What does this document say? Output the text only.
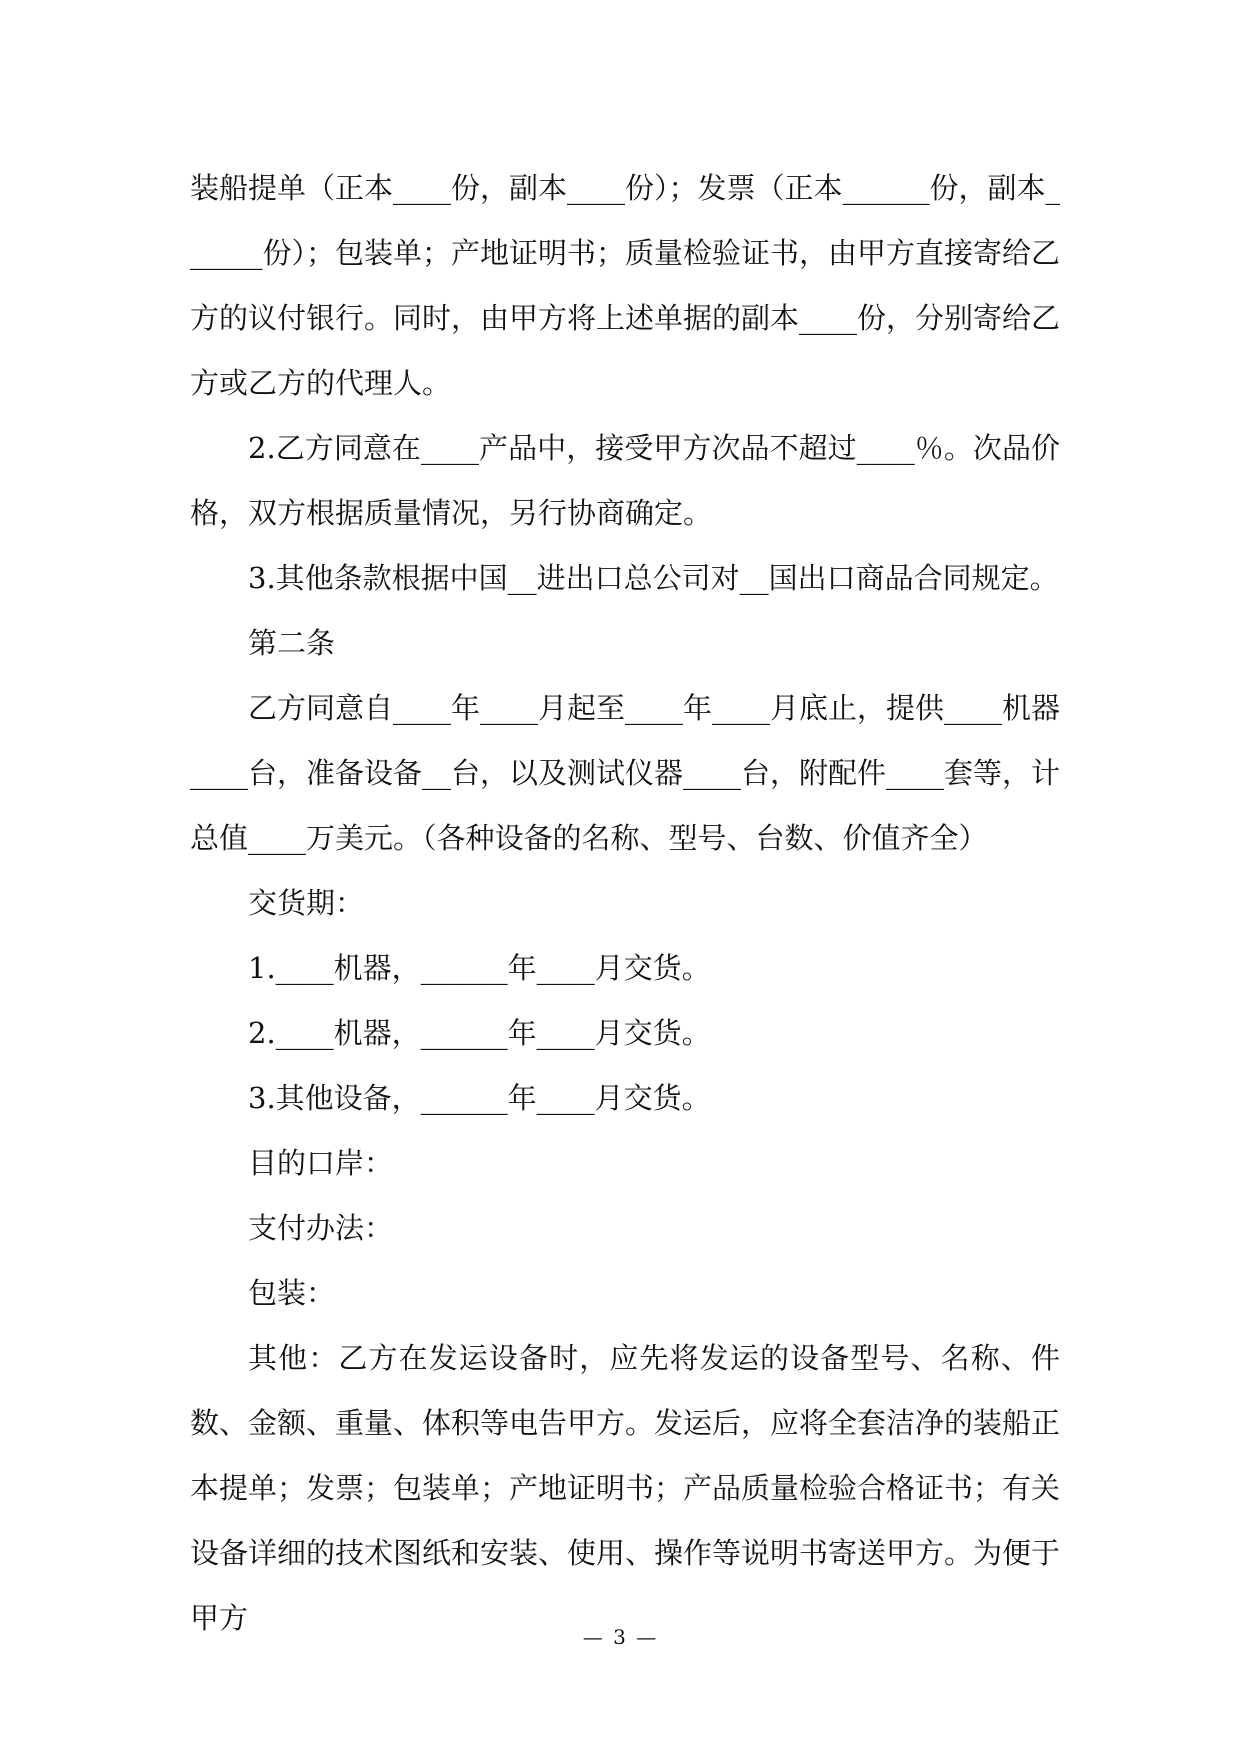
装船提单（正本____份，副本____份）；发票（正本______份，副本______份）；包装单；产地证明书；质量检验证书，由甲方直接寄给乙方的议付银行。同时，由甲方将上述单据的副本____份，分别寄给乙方或乙方的代理人。

2.乙方同意在____产品中，接受甲方次品不超过____％。次品价格，双方根据质量情况，另行协商确定。

3.其他条款根据中国__进出口总公司对__国出口商品合同规定。

第二条

乙方同意自____年____月起至____年____月底止，提供____机器____台，准备设备__台，以及测试仪器____台，附配件____套等，计总值____万美元。（各种设备的名称、型号、台数、价值齐全）

交货期：

1.____机器，______年____月交货。

2.____机器，______年____月交货。

3.其他设备，______年____月交货。

目的口岸：

支付办法：

包装：

其他：乙方在发运设备时，应先将发运的设备型号、名称、件数、金额、重量、体积等电告甲方。发运后，应将全套洁净的装船正本提单；发票；包装单；产地证明书；产品质量检验合格证书；有关设备详细的技术图纸和安装、使用、操作等说明书寄送甲方。为便于甲方

— 3 —
